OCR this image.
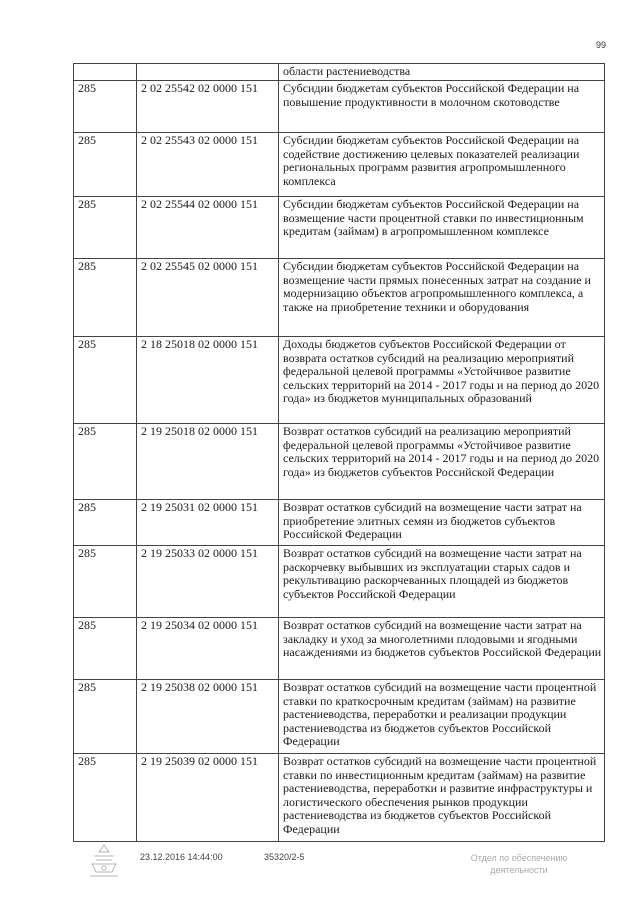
99
		области растениеводства
285	2 02 25542 02 0000 151	Субсидии бюджетам субъектов Российской Федерации на повышение продуктивности в молочном скотоводстве
285	2 02 25543 02 0000 151	Субсидии бюджетам субъектов Российской Федерации на содействие достижению целевых показателей реализации региональных программ развития агропромышленного комплекса
285	2 02 25544 02 0000 151	Субсидии бюджетам субъектов Российской Федерации на возмещение части процентной ставки по инвестиционным кредитам (займам) в агропромышленном комплексе
285	2 02 25545 02 0000 151	Субсидии бюджетам субъектов Российской Федерации на возмещение части прямых понесенных затрат на создание и модернизацию объектов агропромышленного комплекса, а также на приобретение техники и оборудования
285	2 18 25018 02 0000 151	Доходы бюджетов субъектов Российской Федерации от возврата остатков субсидий на реализацию мероприятий федеральной целевой программы «Устойчивое развитие сельских территорий на 2014 - 2017 годы и на период до 2020 года» из бюджетов муниципальных образований
285	2 19 25018 02 0000 151	Возврат остатков субсидий на реализацию мероприятий федеральной целевой программы «Устойчивое развитие сельских территорий на 2014 - 2017 годы и на период до 2020 года» из бюджетов субъектов Российской Федерации
285	2 19 25031 02 0000 151	Возврат остатков субсидий на возмещение части затрат на приобретение элитных семян из бюджетов субъектов Российской Федерации
285	2 19 25033 02 0000 151	Возврат остатков субсидий на возмещение части затрат на раскорчевку выбывших из эксплуатации старых садов и рекультивацию раскорчеванных площадей из бюджетов субъектов Российской Федерации
285	2 19 25034 02 0000 151	Возврат остатков субсидий на возмещение части затрат на закладку и уход за многолетними плодовыми и ягодными насаждениями из бюджетов субъектов Российской Федерации
285	2 19 25038 02 0000 151	Возврат остатков субсидий на возмещение части процентной ставки по краткосрочным кредитам (займам) на развитие растениеводства, переработки и реализации продукции растениеводства из бюджетов субъектов Российской Федерации
285	2 19 25039 02 0000 151	Возврат остатков субсидий на возмещение части процентной ставки по инвестиционным кредитам (займам) на развитие растениеводства, переработки и развитие инфраструктуры и логистического обеспечения рынков продукции растениеводства из бюджетов субъектов Российской Федерации
23.12.2016 14:44:00	35320/2-5	Отдел по обеспечению
деятельности
